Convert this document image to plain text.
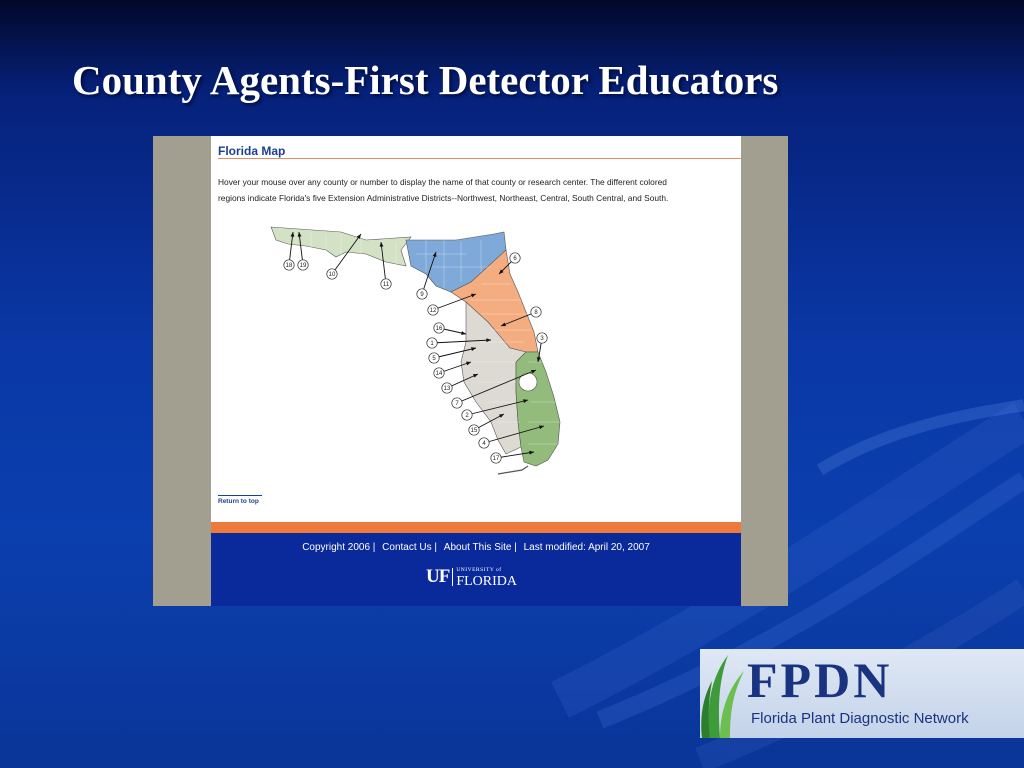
County Agents-First Detector Educators
Florida Map
Hover your mouse over any county or number to display the name of that county or research center. The different colored
regions indicate Florida's five Extension Administrative Districts--Northwest, Northeast, Central, South Central, and South.
18 19
10
11
9
6
12	8
16
1
3
5
14
13
7
2
15
4
17
Return to top
Copyright 2006 | Contact Us | About This Site | Last modified: April 20, 2007
UF UNIVERSITY of
FLORIDA
FPDN
Florida Plant Diagnostic Network
